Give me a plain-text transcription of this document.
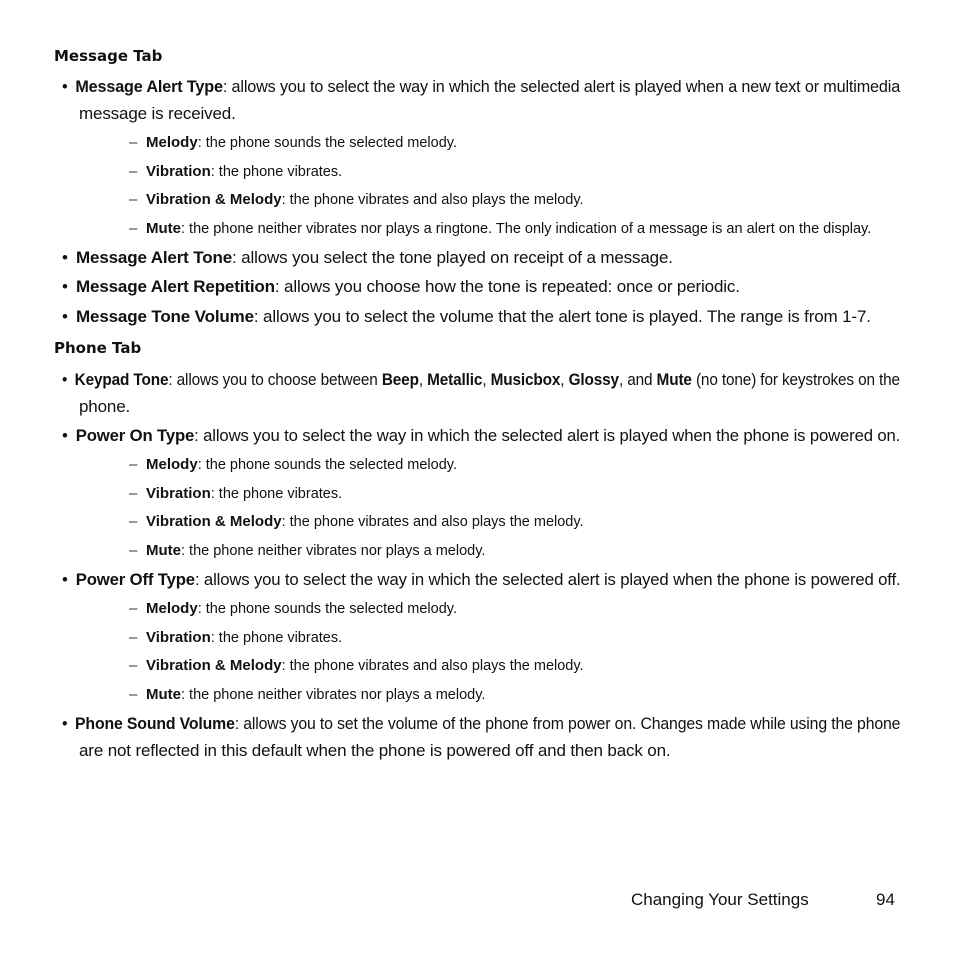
Message Tab
• Message Alert Type: allows you to select the way in which the selected alert is played when a new text or multimedia
message is received.
– Melody: the phone sounds the selected melody.
– Vibration: the phone vibrates.
– Vibration & Melody: the phone vibrates and also plays the melody.
– Mute: the phone neither vibrates nor plays a ringtone. The only indication of a message is an alert on the display.
• Message Alert Tone: allows you select the tone played on receipt of a message.
• Message Alert Repetition: allows you choose how the tone is repeated: once or periodic.
• Message Tone Volume: allows you to select the volume that the alert tone is played. The range is from 1-7.
Phone Tab
• Keypad Tone: allows you to choose between Beep, Metallic, Musicbox, Glossy, and Mute (no tone) for keystrokes on the
phone.
• Power On Type: allows you to select the way in which the selected alert is played when the phone is powered on.
– Melody: the phone sounds the selected melody.
– Vibration: the phone vibrates.
– Vibration & Melody: the phone vibrates and also plays the melody.
– Mute: the phone neither vibrates nor plays a melody.
• Power Off Type: allows you to select the way in which the selected alert is played when the phone is powered off.
– Melody: the phone sounds the selected melody.
– Vibration: the phone vibrates.
– Vibration & Melody: the phone vibrates and also plays the melody.
– Mute: the phone neither vibrates nor plays a melody.
• Phone Sound Volume: allows you to set the volume of the phone from power on. Changes made while using the phone
are not reflected in this default when the phone is powered off and then back on.
Changing Your Settings	94
